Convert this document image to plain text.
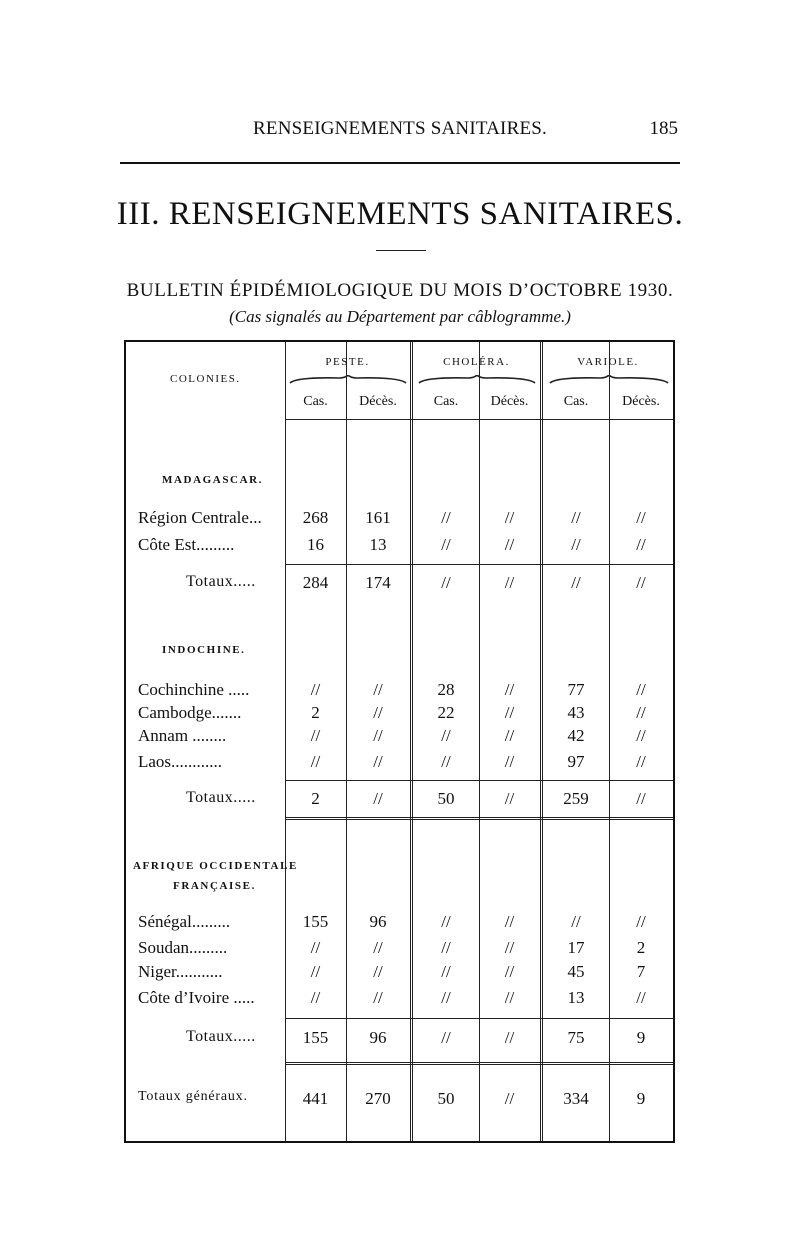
RENSEIGNEMENTS SANITAIRES.	185
III. RENSEIGNEMENTS SANITAIRES.
BULLETIN ÉPIDÉMIOLOGIQUE DU MOIS D’OCTOBRE 1930.
(Cas signalés au Département par câblogramme.)
COLONIES.
PESTE.	CHOLÉRA.	VARIOLE.
Cas.	Décès.	Cas.	Décès.	Cas.	Décès.
MADAGASCAR.
Région Centrale...	268	161	//	//	//	//
Côte Est.........	16	13	//	//	//	//
Totaux.....	284	174	//	//	//	//
Cochinchine .....	//	//	28	//	77	//
Cambodge.......	2	//	22	//	43	//
Annam ........	//	//	//	//	42	//
Laos............	//	//	//	//	97	//
Totaux.....	2	//	50	//	259	//
Sénégal.........	155	96	//	//	//	//
Soudan.........	//	//	//	//	17	2
Niger...........	//	//	//	//	45	7
Côte d’Ivoire .....	//	//	//	//	13	//
Totaux.....	155	96	//	//	75	9
Totaux généraux.	441	270	50	//	334	9
INDOCHINE.
AFRIQUE OCCIDENTALE
FRANÇAISE.
